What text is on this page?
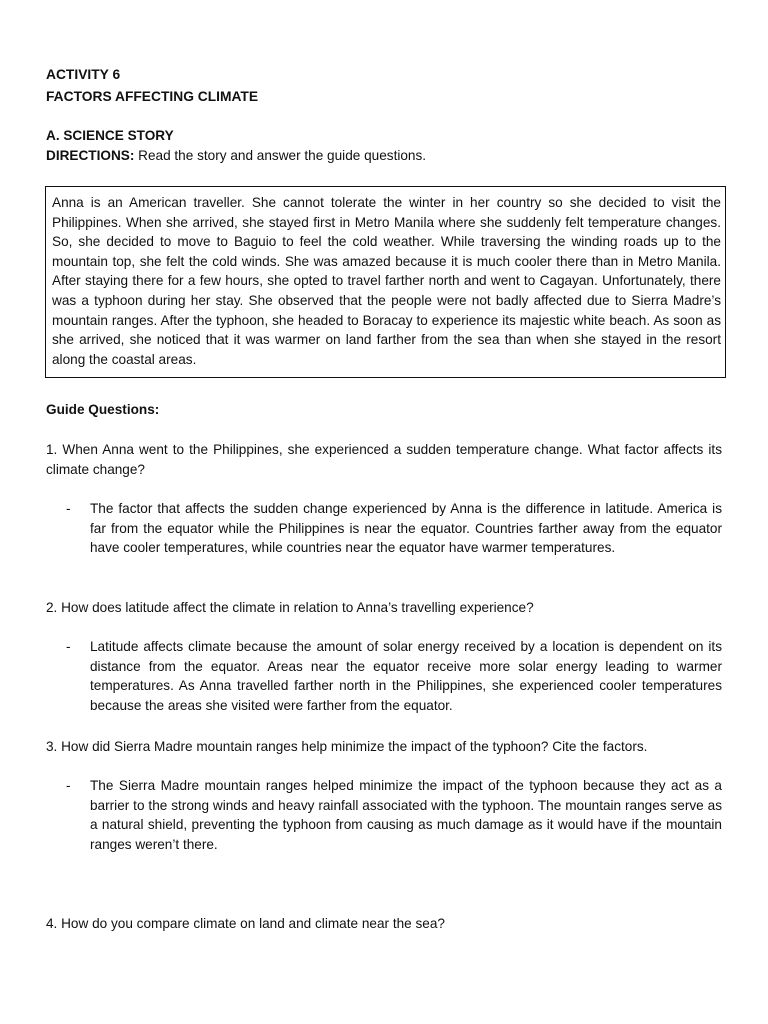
ACTIVITY 6

FACTORS AFFECTING CLIMATE

A. SCIENCE STORY

DIRECTIONS: Read the story and answer the guide questions.

Anna is an American traveller. She cannot tolerate the winter in her country so she decided to visit the Philippines. When she arrived, she stayed first in Metro Manila where she suddenly felt temperature changes. So, she decided to move to Baguio to feel the cold weather. While traversing the winding roads up to the mountain top, she felt the cold winds. She was amazed because it is much cooler there than in Metro Manila. After staying there for a few hours, she opted to travel farther north and went to Cagayan. Unfortunately, there was a typhoon during her stay. She observed that the people were not badly affected due to Sierra Madre’s mountain ranges. After the typhoon, she headed to Boracay to experience its majestic white beach. As soon as she arrived, she noticed that it was warmer on land farther from the sea than when she stayed in the resort along the coastal areas.

Guide Questions:

1. When Anna went to the Philippines, she experienced a sudden temperature change. What factor affects its climate change?

- The factor that affects the sudden change experienced by Anna is the difference in latitude. America is far from the equator while the Philippines is near the equator. Countries farther away from the equator have cooler temperatures, while countries near the equator have warmer temperatures.

2. How does latitude affect the climate in relation to Anna’s travelling experience?

- Latitude affects climate because the amount of solar energy received by a location is dependent on its distance from the equator. Areas near the equator receive more solar energy leading to warmer temperatures. As Anna travelled farther north in the Philippines, she experienced cooler temperatures because the areas she visited were farther from the equator.

3. How did Sierra Madre mountain ranges help minimize the impact of the typhoon? Cite the factors.

- The Sierra Madre mountain ranges helped minimize the impact of the typhoon because they act as a barrier to the strong winds and heavy rainfall associated with the typhoon. The mountain ranges serve as a natural shield, preventing the typhoon from causing as much damage as it would have if the mountain ranges weren’t there.

4. How do you compare climate on land and climate near the sea?
